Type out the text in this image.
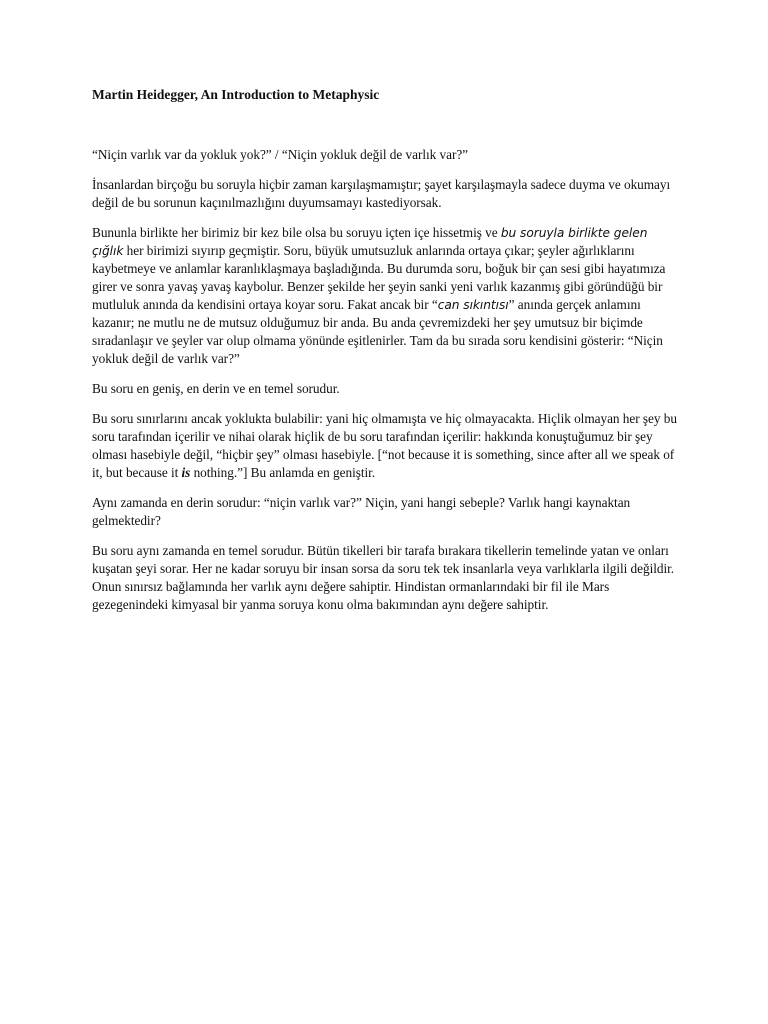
Martin Heidegger, An Introduction to Metaphysic

“Niçin varlık var da yokluk yok?” / “Niçin yokluk değil de varlık var?”

İnsanlardan birçoğu bu soruyla hiçbir zaman karşılaşmamıştır; şayet karşılaşmayla sadece duyma ve okumayı değil de bu sorunun kaçınılmazlığını duyumsamayı kastediyorsak.

Bununla birlikte her birimiz bir kez bile olsa bu soruyu içten içe hissetmiş ve bu soruyla birlikte gelen çığlık her birimizi sıyırıp geçmiştir. Soru, büyük umutsuzluk anlarında ortaya çıkar; şeyler ağırlıklarını kaybetmeye ve anlamlar karanlıklaşmaya başladığında. Bu durumda soru, boğuk bir çan sesi gibi hayatımıza girer ve sonra yavaş yavaş kaybolur. Benzer şekilde her şeyin sanki yeni varlık kazanmış gibi göründüğü bir mutluluk anında da kendisini ortaya koyar soru. Fakat ancak bir “can sıkıntısı” anında gerçek anlamını kazanır; ne mutlu ne de mutsuz olduğumuz bir anda. Bu anda çevremizdeki her şey umutsuz bir biçimde sıradanlaşır ve şeyler var olup olmama yönünde eşitlenirler. Tam da bu sırada soru kendisini gösterir: “Niçin yokluk değil de varlık var?”

Bu soru en geniş, en derin ve en temel sorudur.

Bu soru sınırlarını ancak yoklukta bulabilir: yani hiç olmamışta ve hiç olmayacakta. Hiçlik olmayan her şey bu soru tarafından içerilir ve nihai olarak hiçlik de bu soru tarafından içerilir: hakkında konuştuğumuz bir şey olması hasebiyle değil, “hiçbir şey” olması hasebiyle. [“not because it is something, since after all we speak of it, but because it is nothing.”] Bu anlamda en geniştir.

Aynı zamanda en derin sorudur: “niçin varlık var?” Niçin, yani hangi sebeple? Varlık hangi kaynaktan gelmektedir?

Bu soru aynı zamanda en temel sorudur. Bütün tikelleri bir tarafa bırakara tikellerin temelinde yatan ve onları kuşatan şeyi sorar. Her ne kadar soruyu bir insan sorsa da soru tek tek insanlarla veya varlıklarla ilgili değildir. Onun sınırsız bağlamında her varlık aynı değere sahiptir. Hindistan ormanlarındaki bir fil ile Mars gezegenindeki kimyasal bir yanma soruya konu olma bakımından aynı değere sahiptir.
